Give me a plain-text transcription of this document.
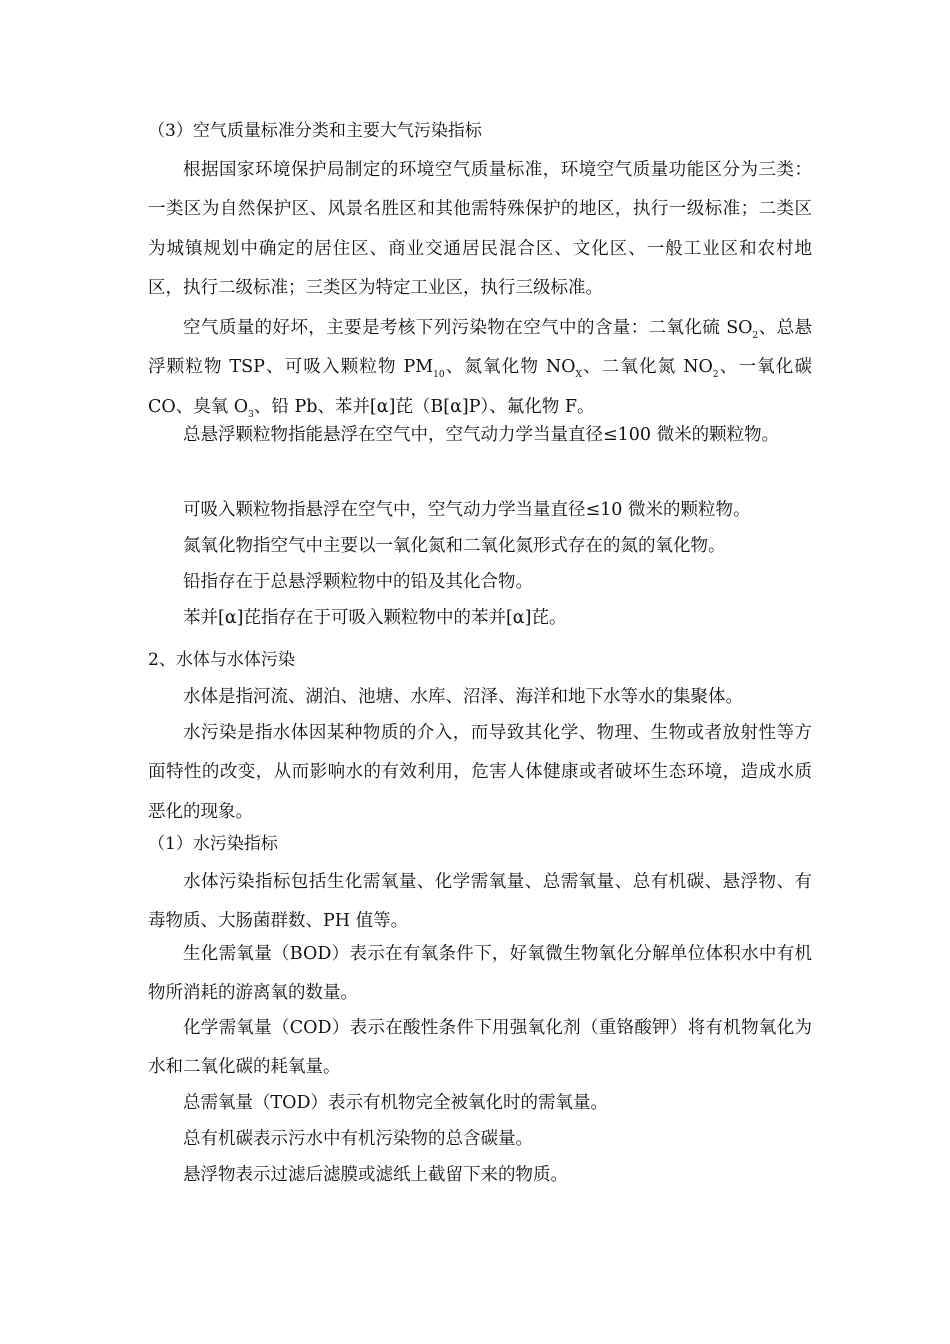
（3）空气质量标准分类和主要大气污染指标

根据国家环境保护局制定的环境空气质量标准，环境空气质量功能区分为三类：一类区为自然保护区、风景名胜区和其他需特殊保护的地区，执行一级标准；二类区为城镇规划中确定的居住区、商业交通居民混合区、文化区、一般工业区和农村地区，执行二级标准；三类区为特定工业区，执行三级标准。

空气质量的好坏，主要是考核下列污染物在空气中的含量：二氧化硫 $SO_2$、总悬浮颗粒物 TSP、可吸入颗粒物 $PM_{10}$、氮氧化物 $NO_X$、二氧化氮 $NO_2$、一氧化碳 CO、臭氧 $O_3$、铅 Pb、苯并[α]芘（B[α]P）、氟化物 F。

总悬浮颗粒物指能悬浮在空气中，空气动力学当量直径≤100 微米的颗粒物。

可吸入颗粒物指悬浮在空气中，空气动力学当量直径≤10 微米的颗粒物。

氮氧化物指空气中主要以一氧化氮和二氧化氮形式存在的氮的氧化物。

铅指存在于总悬浮颗粒物中的铅及其化合物。

苯并[α]芘指存在于可吸入颗粒物中的苯并[α]芘。

2、水体与水体污染

水体是指河流、湖泊、池塘、水库、沼泽、海洋和地下水等水的集聚体。

水污染是指水体因某种物质的介入，而导致其化学、物理、生物或者放射性等方面特性的改变，从而影响水的有效利用，危害人体健康或者破坏生态环境，造成水质恶化的现象。

（1）水污染指标

水体污染指标包括生化需氧量、化学需氧量、总需氧量、总有机碳、悬浮物、有毒物质、大肠菌群数、PH 值等。

生化需氧量（BOD）表示在有氧条件下，好氧微生物氧化分解单位体积水中有机物所消耗的游离氧的数量。

化学需氧量（COD）表示在酸性条件下用强氧化剂（重铬酸钾）将有机物氧化为水和二氧化碳的耗氧量。

总需氧量（TOD）表示有机物完全被氧化时的需氧量。

总有机碳表示污水中有机污染物的总含碳量。

悬浮物表示过滤后滤膜或滤纸上截留下来的物质。
